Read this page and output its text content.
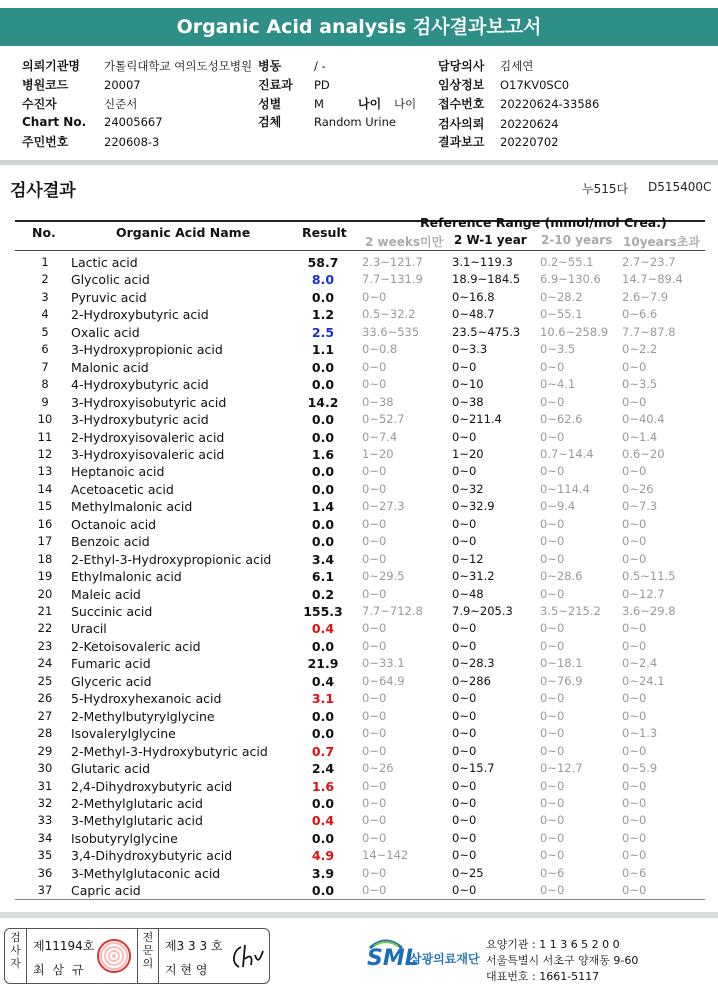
Organic Acid analysis 검사결과보고서
의뢰기관명 가톨릭대학교 여의도성모병원 병동	/ -	담당의사 김세연
병원코드	20007	진료과 PD	임상정보 O17KV0SC0
수진자	신준서	성별	M	나이 나이 접수번호 20220624-33586
Chart No. 24005667	검체	Random Urine	검사의뢰 20220624
주민번호	220608-3	결과보고 20220702
검사결과	누515다 D515400C
No.	Organic Acid Name	Result
Reference Range (mmol/mol Crea.)
2 weeks미만 2 W-1 year 2-10 years 10years초과
1	Lactic acid	58.7	2.3~121.7	3.1~119.3	0.2~55.1	2.7~23.7
2	Glycolic acid	8.0	7.7~131.9	18.9~184.5	6.9~130.6	14.7~89.4
3	Pyruvic acid	0.0	0~0	0~16.8	0~28.2	2.6~7.9
4	2-Hydroxybutyric acid	1.2	0.5~32.2	0~48.7	0~55.1	0~6.6
5	Oxalic acid	2.5	33.6~535	23.5~475.3	10.6~258.9	7.7~87.8
6	3-Hydroxypropionic acid	1.1	0~0.8	0~3.3	0~3.5	0~2.2
7	Malonic acid	0.0	0~0	0~0	0~0	0~0
8	4-Hydroxybutyric acid	0.0	0~0	0~10	0~4.1	0~3.5
9	3-Hydroxyisobutyric acid	14.2	0~38	0~38	0~0	0~0
10	3-Hydroxybutyric acid	0.0	0~52.7	0~211.4	0~62.6	0~40.4
11	2-Hydroxyisovaleric acid	0.0	0~7.4	0~0	0~0	0~1.4
12	3-Hydroxyisovaleric acid	1.6	1~20	1~20	0.7~14.4	0.6~20
13	Heptanoic acid	0.0	0~0	0~0	0~0	0~0
14	Acetoacetic acid	0.0	0~0	0~32	0~114.4	0~26
15	Methylmalonic acid	1.4	0~27.3	0~32.9	0~9.4	0~7.3
16	Octanoic acid	0.0	0~0	0~0	0~0	0~0
17	Benzoic acid	0.0	0~0	0~0	0~0	0~0
18	2-Ethyl-3-Hydroxypropionic acid	3.4	0~0	0~12	0~0	0~0
19	Ethylmalonic acid	6.1	0~29.5	0~31.2	0~28.6	0.5~11.5
20	Maleic acid	0.2	0~0	0~48	0~0	0~12.7
21	Succinic acid	155.3	7.7~712.8	7.9~205.3	3.5~215.2	3.6~29.8
22	Uracil	0.4	0~0	0~0	0~0	0~0
23	2-Ketoisovaleric acid	0.0	0~0	0~0	0~0	0~0
24	Fumaric acid	21.9	0~33.1	0~28.3	0~18.1	0~2.4
25	Glyceric acid	0.4	0~64.9	0~286	0~76.9	0~24.1
26	5-Hydroxyhexanoic acid	3.1	0~0	0~0	0~0	0~0
27	2-Methylbutyrylglycine	0.0	0~0	0~0	0~0	0~0
28	Isovalerylglycine	0.0	0~0	0~0	0~0	0~1.3
29	2-Methyl-3-Hydroxybutyric acid	0.7	0~0	0~0	0~0	0~0
30	Glutaric acid	2.4	0~26	0~15.7	0~12.7	0~5.9
31	2,4-Dihydroxybutyric acid	1.6	0~0	0~0	0~0	0~0
32	2-Methylglutaric acid	0.0	0~0	0~0	0~0	0~0
33	3-Methylglutaric acid	0.4	0~0	0~0	0~0	0~0
34	Isobutyrylglycine	0.0	0~0	0~0	0~0	0~0
35	3,4-Dihydroxybutyric acid	4.9	14~142	0~0	0~0	0~0
36	3-Methylglutaconic acid	3.9	0~0	0~25	0~6	0~6
37	Capric acid	0.0	0~0	0~0	0~0	0~0
검
사
자
제11194호
최 삼 규
전
문
의
제3 3 3 호
지 현 영	SML
삼광의료재단
요양기관 : 1 1 3 6 5 2 0 0
서울특별시 서초구 양재동 9-60
대표번호 : 1661-5117
